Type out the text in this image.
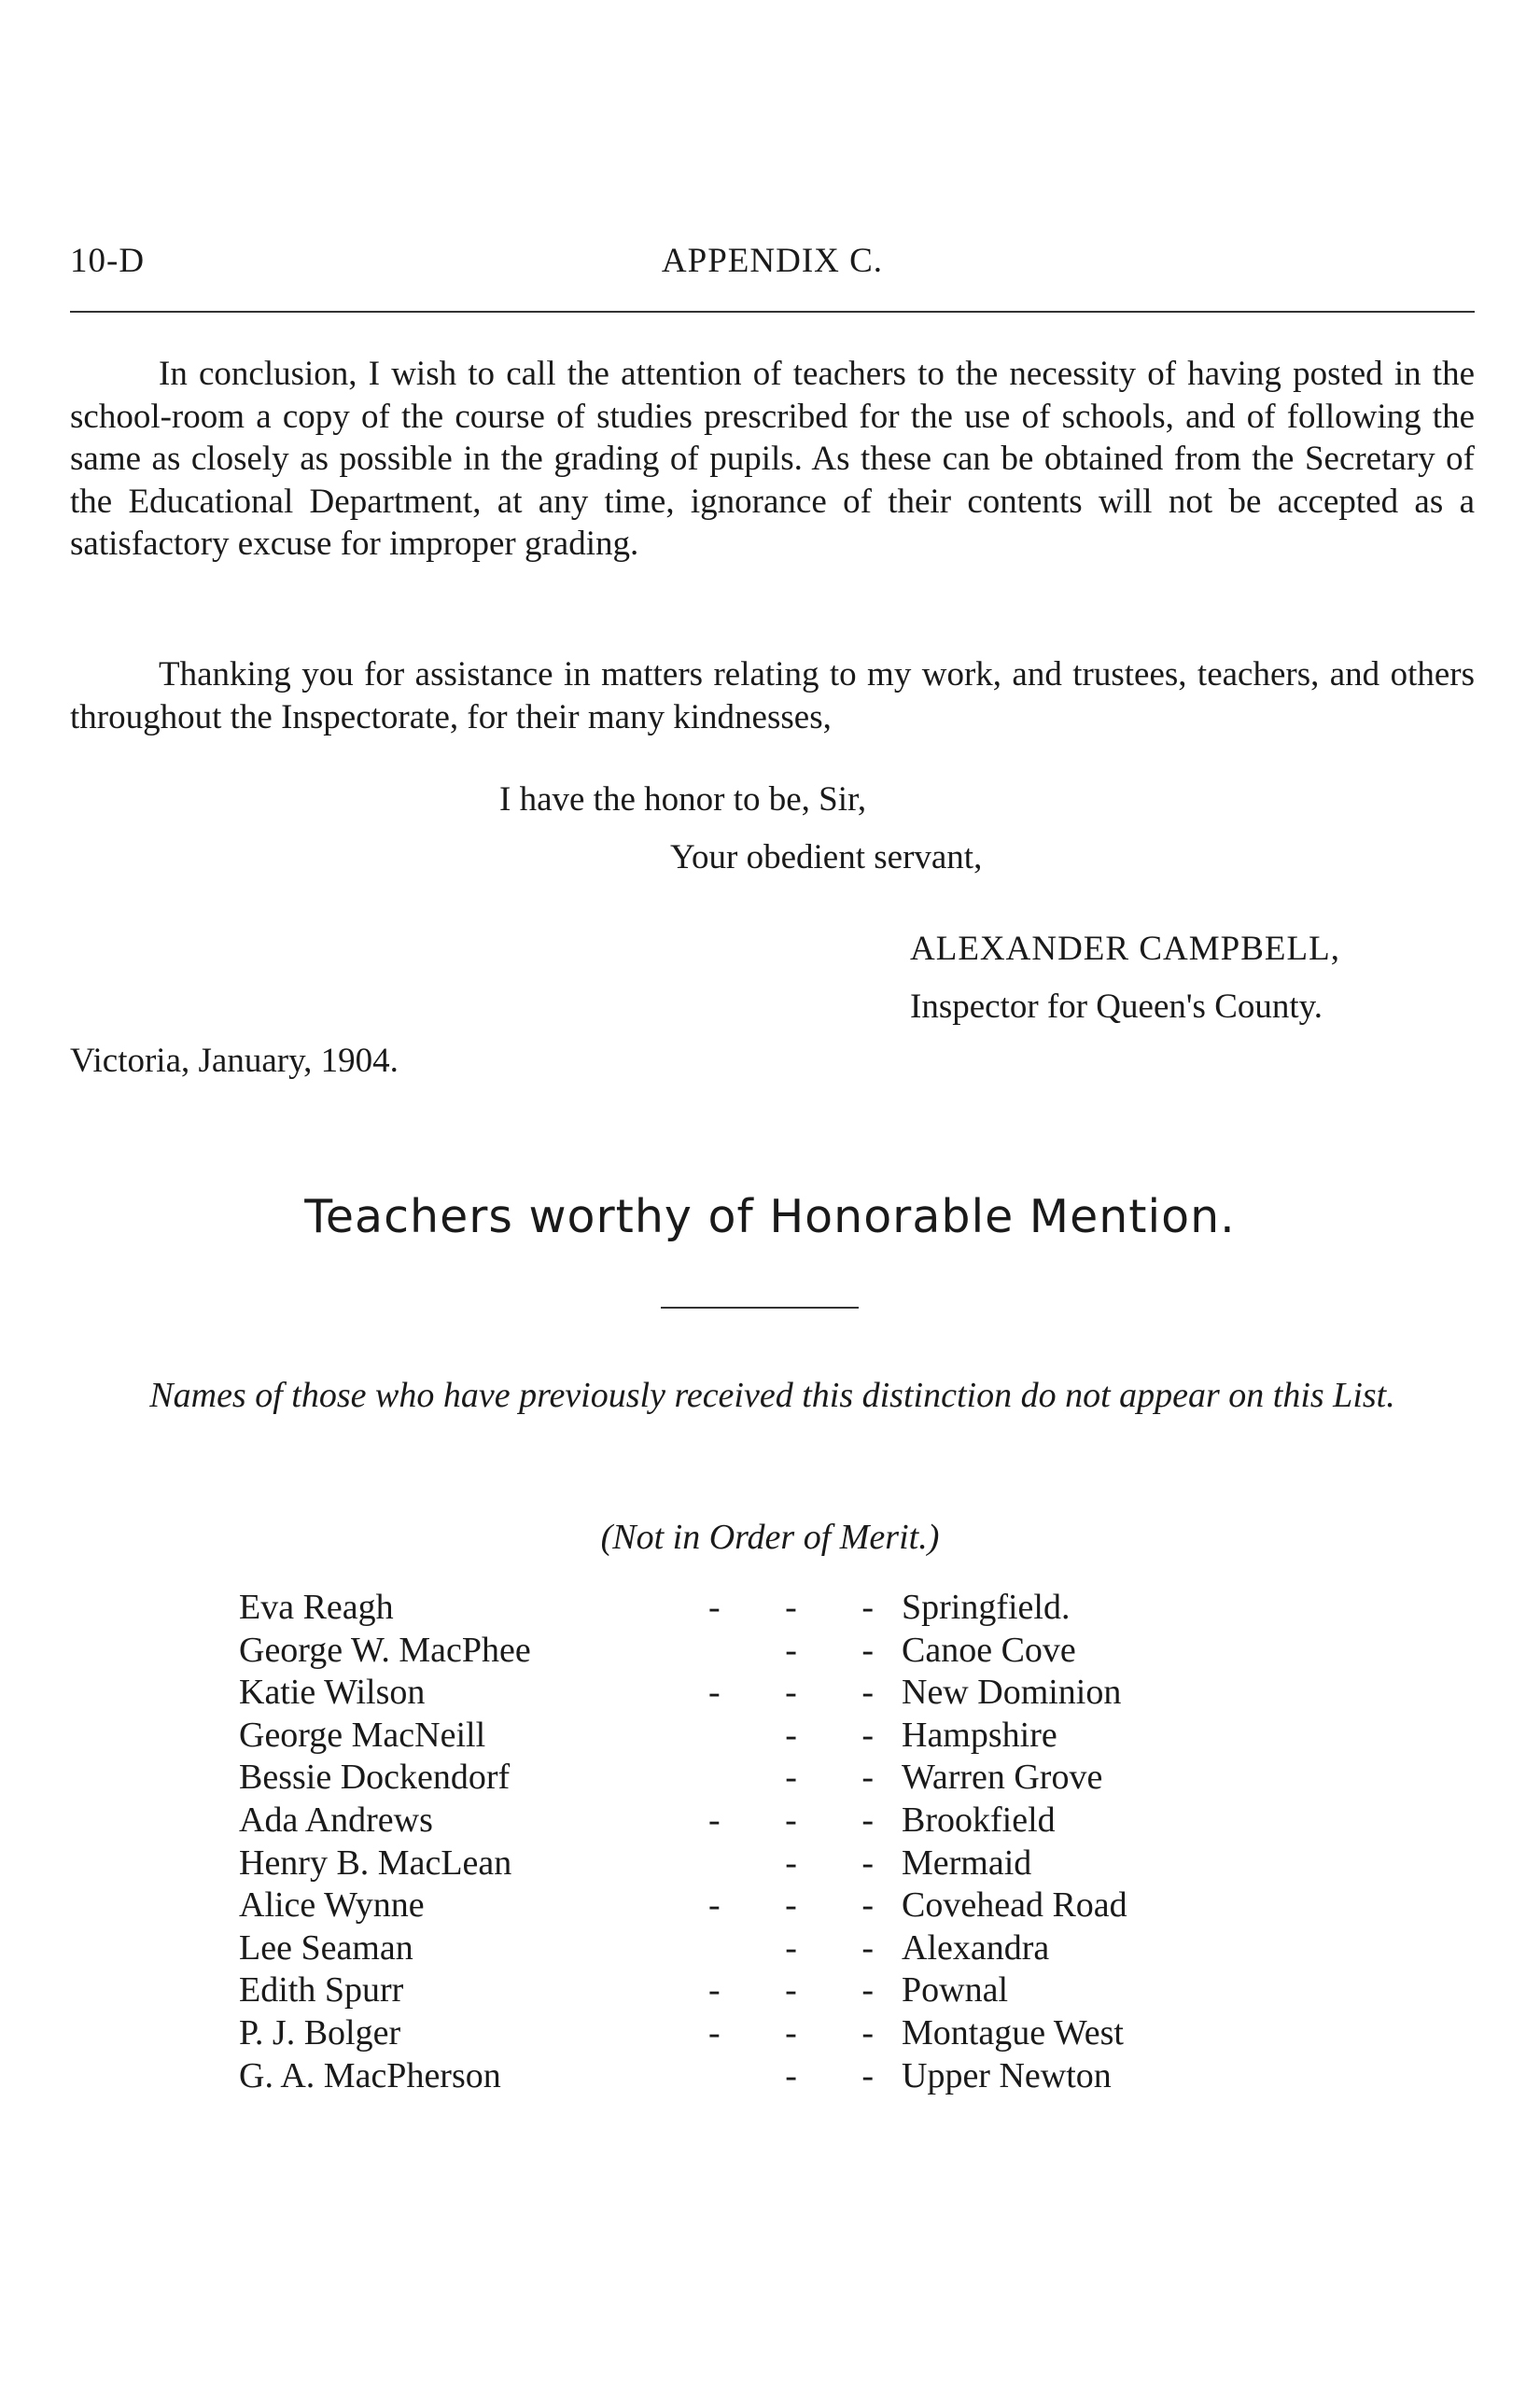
10-D	APPENDIX C.

In conclusion, I wish to call the attention of teachers to the necessity of having posted in the school-room a copy of the course of studies prescribed for the use of schools, and of following the same as closely as possible in the grading of pupils. As these can be obtained from the Secretary of the Educational Department, at any time, ignorance of their contents will not be accepted as a satisfactory excuse for improper grading.

Thanking you for assistance in matters relating to my work, and trustees, teachers, and others throughout the Inspectorate, for their many kindnesses,

I have the honor to be, Sir,

Your obedient servant,

ALEXANDER CAMPBELL,

Inspector for Queen's County.

Victoria, January, 1904.

Teachers worthy of Honorable Mention.

Names of those who have previously received this distinction do not appear on this List.

(Not in Order of Merit.)

Eva Reagh	- - - Springfield.
George W. MacPhee	- - Canoe Cove
Katie Wilson	- - - New Dominion
George MacNeill	- - Hampshire
Bessie Dockendorf	- - Warren Grove
Ada Andrews	- - - Brookfield
Henry B. MacLean	- - Mermaid
Alice Wynne	- - - Covehead Road
Lee Seaman	- - Alexandra
Edith Spurr	- - - Pownal
P. J. Bolger	- - - Montague West
G. A. MacPherson	- - Upper Newton
